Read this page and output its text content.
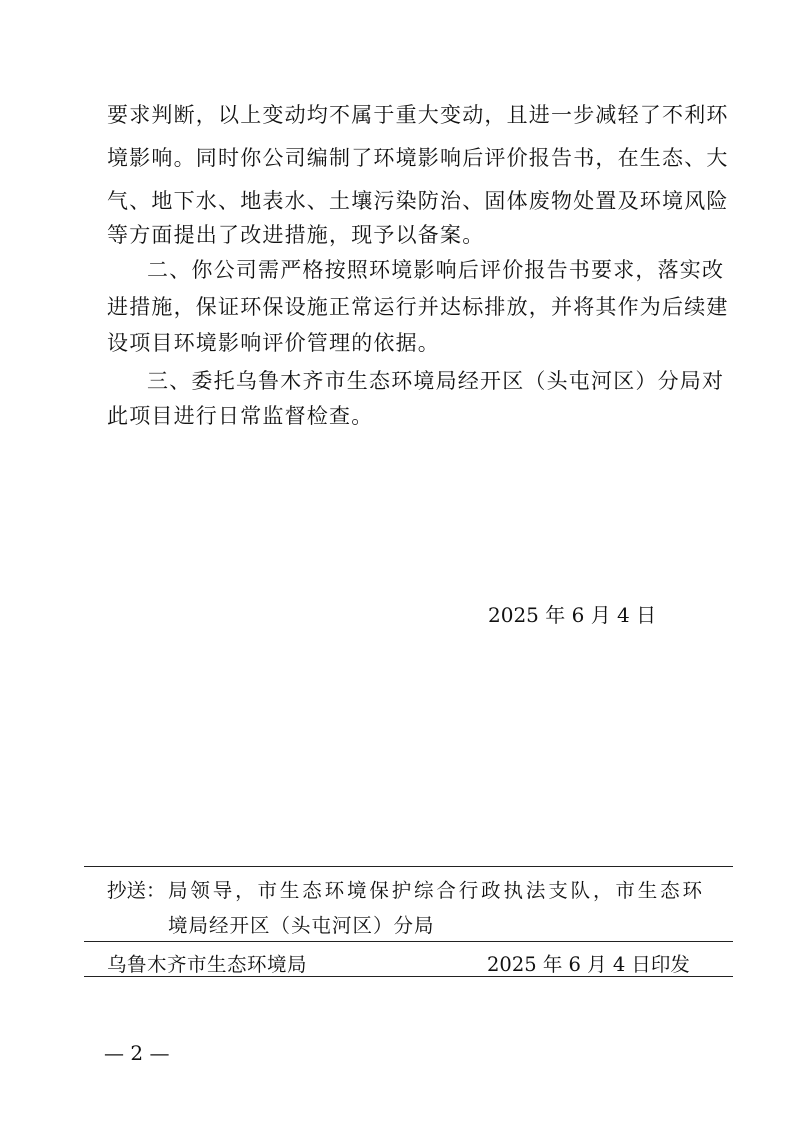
要求判断，以上变动均不属于重大变动，且进一步减轻了不利环
境影响。同时你公司编制了环境影响后评价报告书，在生态、大
气、地下水、地表水、土壤污染防治、固体废物处置及环境风险
等方面提出了改进措施，现予以备案。
二、你公司需严格按照环境影响后评价报告书要求，落实改
进措施，保证环保设施正常运行并达标排放，并将其作为后续建
设项目环境影响评价管理的依据。
三、委托乌鲁木齐市生态环境局经开区（头屯河区）分局对
此项目进行日常监督检查。
2025 年 6 月 4 日
抄送： 局领导，市生态环境保护综合行政执法支队，市生态环
境局经开区（头屯河区）分局
乌鲁木齐市生态环境局	2025 年 6 月 4 日印发
— 2 —
